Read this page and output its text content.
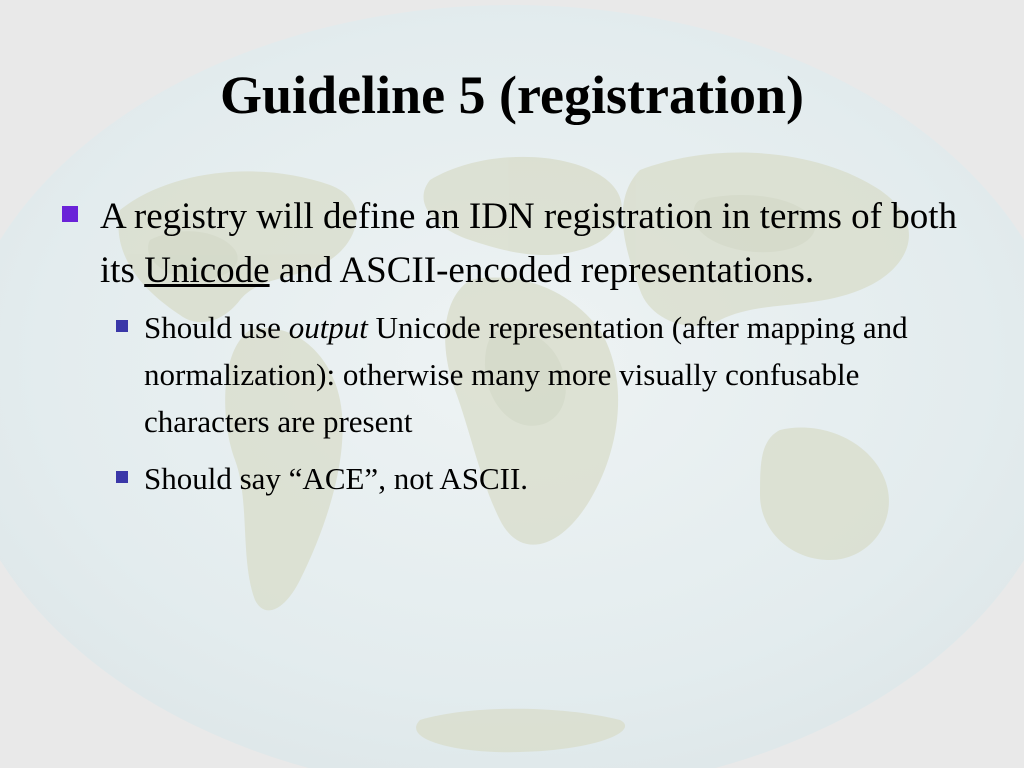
Guideline 5 (registration)
A registry will define an IDN registration in terms of both its Unicode and ASCII-encoded representations.
Should use output Unicode representation (after mapping and normalization): otherwise many more visually confusable characters are present
Should say “ACE”, not ASCII.
